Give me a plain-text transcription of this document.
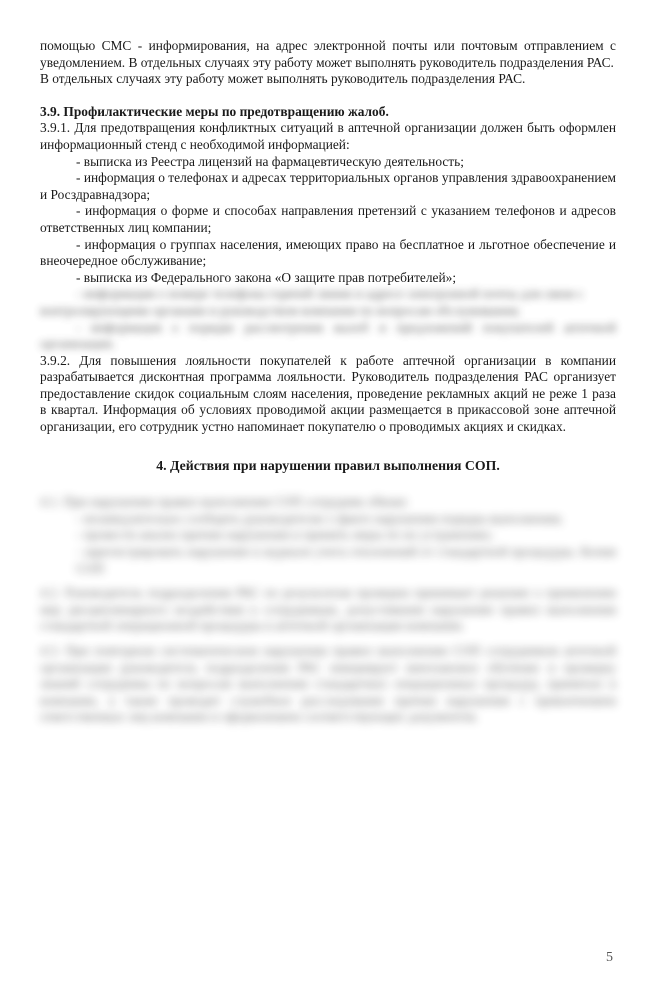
помощью СМС - информирования, на адрес электронной почты или почтовым отправлением с уведомлением. В отдельных случаях эту работу может выполнять руководитель подразделения РАС.

В отдельных случаях эту работу может выполнять руководитель подразделения РАС.

3.9. Профилактические меры по предотвращению жалоб.

3.9.1. Для предотвращения конфликтных ситуаций в аптечной организации должен быть оформлен информационный стенд с необходимой информацией:

- выписка из Реестра лицензий на фармацевтическую деятельность;

- информация о телефонах и адресах территориальных органов управления здравоохранением и Росздравнадзора;

- информация о форме и способах направления претензий с указанием телефонов и адресов ответственных лиц компании;

- информация о группах населения, имеющих право на бесплатное и льготное обеспечение и внеочередное обслуживание;

- выписка из Федерального закона «О защите прав потребителей»;

- информация о номере телефона горячей линии и адресе электронной почты для связи с
контролирующими органами и руководством компании по вопросам обслуживания;
- информация о порядке рассмотрения жалоб и предложений покупателей аптечной организации.

3.9.2. Для повышения лояльности покупателей к работе аптечной организации в компании разрабатывается дисконтная программа лояльности. Руководитель подразделения РАС организует предоставление скидок социальным слоям населения, проведение рекламных акций не реже 1 раза в квартал. Информация об условиях проводимой акции размещается в прикассовой зоне аптечной организации, его сотрудник устно напоминает покупателю о проводимых акциях и скидках.

4. Действия при нарушении правил выполнения СОП.

4.1. При нарушении правил выполнения СОП сотрудник обязан:
- незамедлительно сообщить руководителю о факте нарушения порядка выполнения;
- провести анализ причин нарушения и принять меры по их устранению;
- зарегистрировать нарушение в журнале учета отклонений от стандартной процедуры. Копия СОП
4.2. Руководитель подразделения РАС по результатам проверки принимает решение о применении мер дисциплинарного воздействия к сотрудникам, допустившим нарушение правил выполнения стандартной операционной процедуры в аптечной организации компании.
4.3. При повторном систематическом нарушении правил выполнения СОП сотрудником аптечной организации руководитель подразделения РАС инициирует внеплановое обучение и проверку знаний сотрудника по вопросам выполнения стандартных операционных процедур, принятых в компании, а также проводит служебное расследование причин нарушения с привлечением ответственных лиц компании и оформлением соответствующих документов.
5
